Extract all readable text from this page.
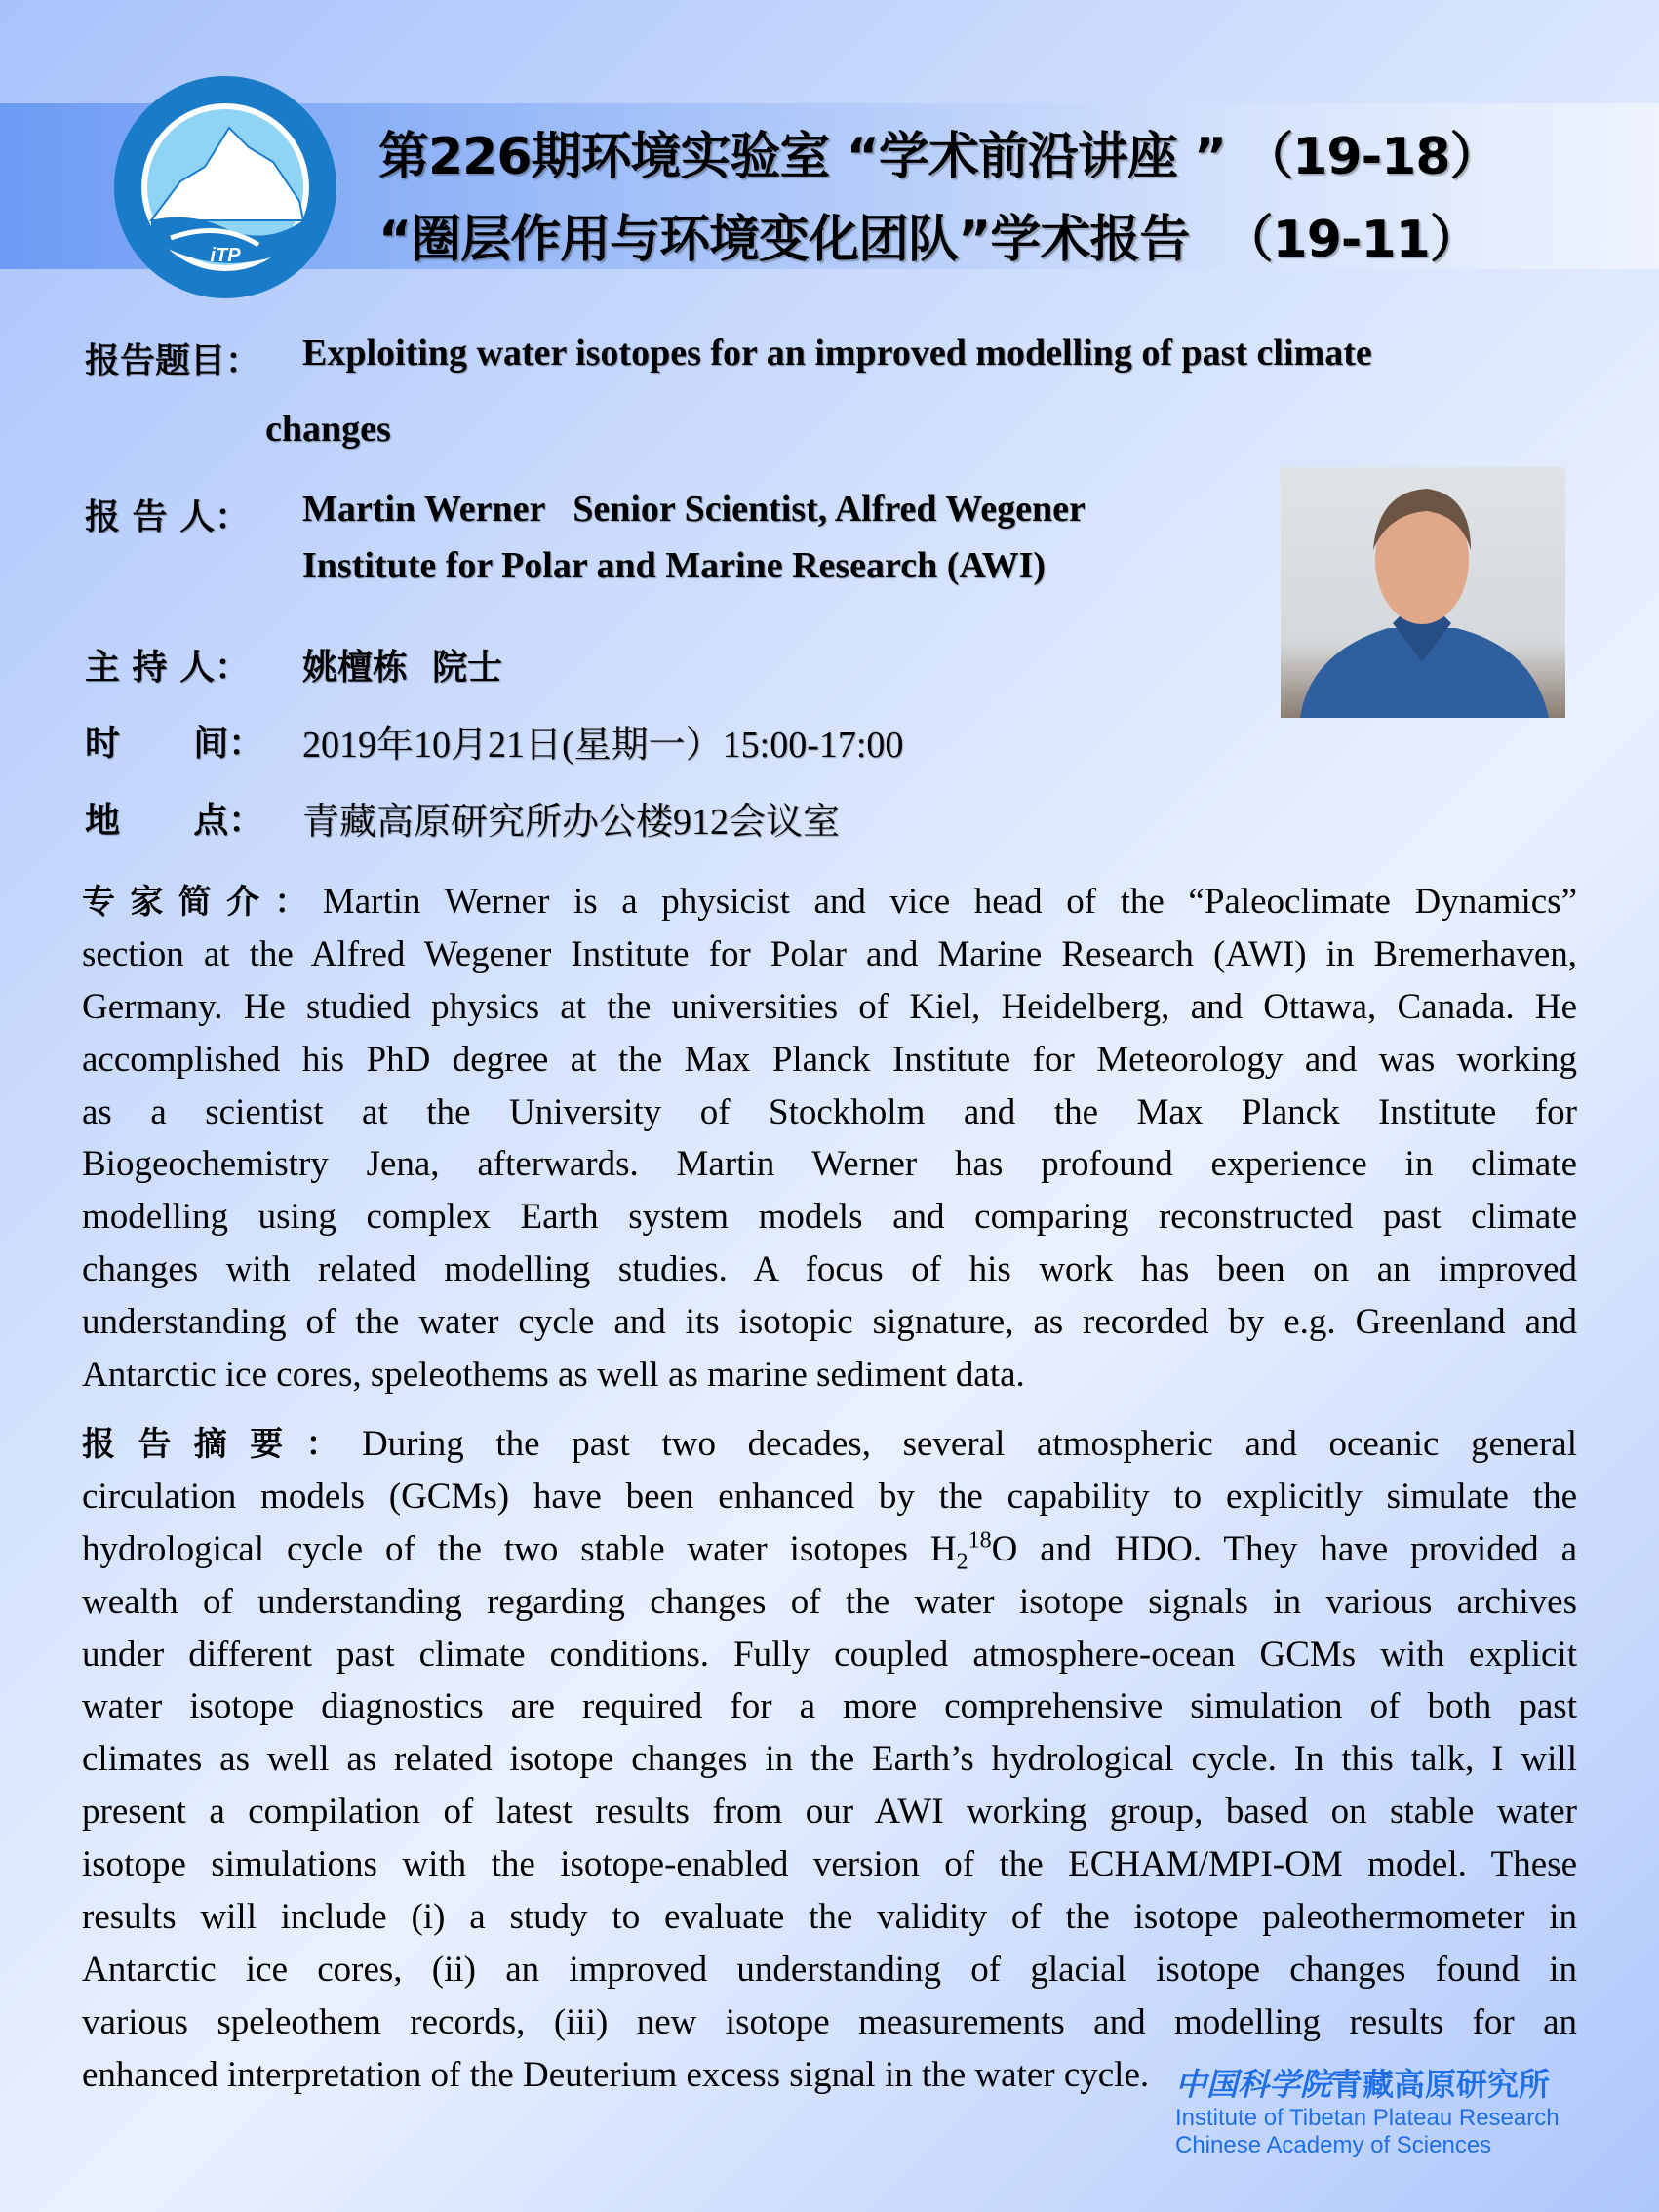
iTP
第226期环境实验室 “学术前沿讲座 ” （19-18）
“圈层作用与环境变化团队”学术报告  （19-11）
报告题目： Exploiting water isotopes for an improved modelling of past climate
changes
报 告 人： Martin Werner   Senior Scientist, Alfred Wegener
Institute for Polar and Marine Research (AWI)
主 持 人： 姚檀栋  院士
时      间： 2019年10月21日(星期一）15:00-17:00
地      点： 青藏高原研究所办公楼912会议室
专家简介：Martin Werner is a physicist and vice head of the “Paleoclimate Dynamics”
section at the Alfred Wegener Institute for Polar and Marine Research (AWI) in Bremerhaven,
Germany. He studied physics at the universities of Kiel, Heidelberg, and Ottawa, Canada. He
accomplished his PhD degree at the Max Planck Institute for Meteorology and was working
as a scientist at the University of Stockholm and the Max Planck Institute for
Biogeochemistry Jena, afterwards. Martin Werner has profound experience in climate
modelling using complex Earth system models and comparing reconstructed past climate
changes with related modelling studies. A focus of his work has been on an improved
understanding of the water cycle and its isotopic signature, as recorded by e.g. Greenland and
Antarctic ice cores, speleothems as well as marine sediment data.
报告摘要：During the past two decades, several atmospheric and oceanic general
circulation models (GCMs) have been enhanced by the capability to explicitly simulate the
hydrological cycle of the two stable water isotopes $H_2^{18}O$ and HDO. They have provided a
wealth of understanding regarding changes of the water isotope signals in various archives
under different past climate conditions. Fully coupled atmosphere-ocean GCMs with explicit
water isotope diagnostics are required for a more comprehensive simulation of both past
climates as well as related isotope changes in the Earth’s hydrological cycle. In this talk, I will
present a compilation of latest results from our AWI working group, based on stable water
isotope simulations with the isotope-enabled version of the ECHAM/MPI-OM model. These
results will include (i) a study to evaluate the validity of the isotope paleothermometer in
Antarctic ice cores, (ii) an improved understanding of glacial isotope changes found in
various speleothem records, (iii) new isotope measurements and modelling results for an
enhanced interpretation of the Deuterium excess signal in the water cycle. 中国科学院青藏高原研究所
Institute of Tibetan Plateau Research
Chinese Academy of Sciences
